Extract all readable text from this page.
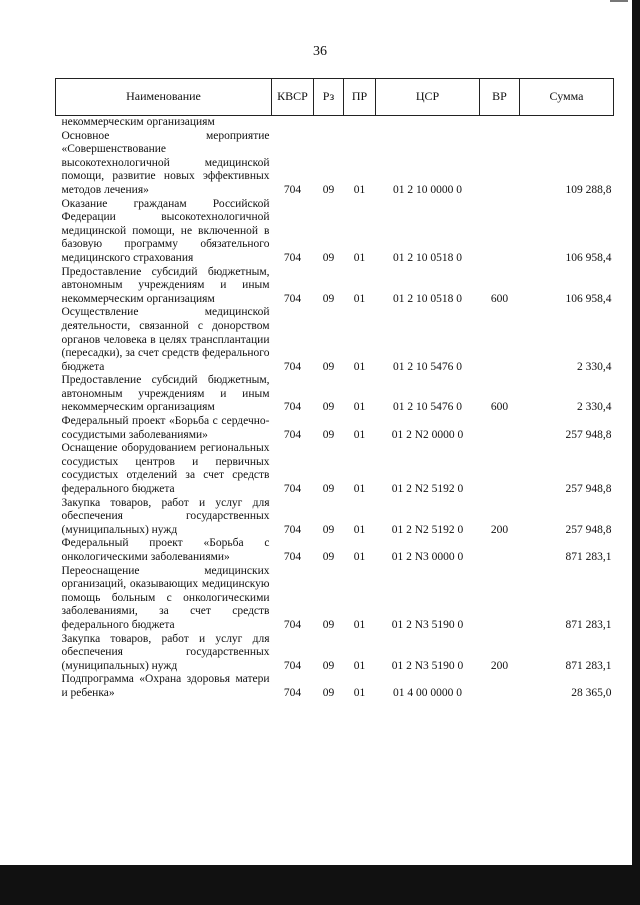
36
Наименование	КВСР	Рз	ПР	ЦСР	ВР	Сумма
некоммерческим организациям						
Основное мероприятие «Совершенствование высокотехнологичной медицинской помощи, развитие новых эффективных методов лечения»	704	09	01	01 2 10 0000 0		109 288,8
Оказание гражданам Российской Федерации высокотехнологичной медицинской помощи, не включенной в базовую программу обязательного медицинского страхования	704	09	01	01 2 10 0518 0		106 958,4
Предоставление субсидий бюджетным, автономным учреждениям и иным некоммерческим организациям	704	09	01	01 2 10 0518 0	600	106 958,4
Осуществление медицинской деятельности, связанной с донорством органов человека в целях трансплантации (пересадки), за счет средств федерального бюджета	704	09	01	01 2 10 5476 0		2 330,4
Предоставление субсидий бюджетным, автономным учреждениям и иным некоммерческим организациям	704	09	01	01 2 10 5476 0	600	2 330,4
Федеральный проект «Борьба с сердечно-сосудистыми заболеваниями»	704	09	01	01 2 N2 0000 0		257 948,8
Оснащение оборудованием региональных сосудистых центров и первичных сосудистых отделений за счет средств федерального бюджета	704	09	01	01 2 N2 5192 0		257 948,8
Закупка товаров, работ и услуг для обеспечения государственных (муниципальных) нужд	704	09	01	01 2 N2 5192 0	200	257 948,8
Федеральный проект «Борьба с онкологическими заболеваниями»	704	09	01	01 2 N3 0000 0		871 283,1
Переоснащение медицинских организаций, оказывающих медицинскую помощь больным с онкологическими заболеваниями, за счет средств федерального бюджета	704	09	01	01 2 N3 5190 0		871 283,1
Закупка товаров, работ и услуг для обеспечения государственных (муниципальных) нужд	704	09	01	01 2 N3 5190 0	200	871 283,1
Подпрограмма «Охрана здоровья матери и ребенка»	704	09	01	01 4 00 0000 0		28 365,0
